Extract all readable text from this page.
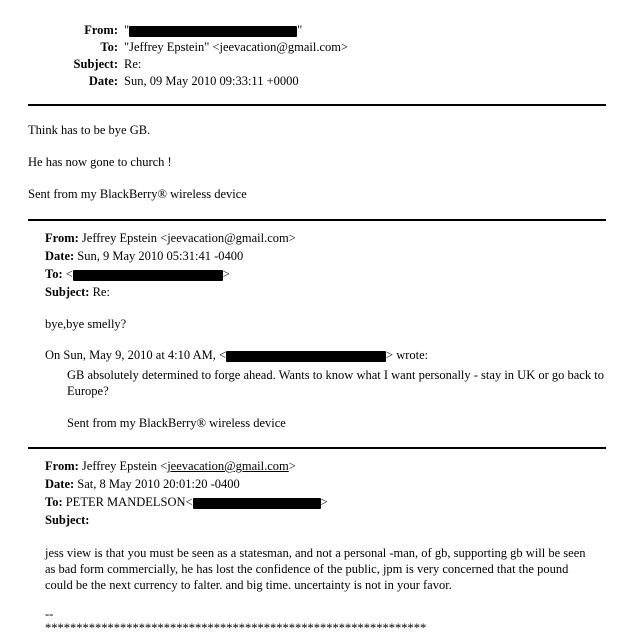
From: "	"
To: "Jeffrey Epstein" <jeevacation@gmail.com>
Subject: Re:
Date: Sun, 09 May 2010 09:33:11 +0000
Think has to be bye GB.
He has now gone to church !
Sent from my BlackBerry® wireless device
From: Jeffrey Epstein <jeevacation@gmail.com>
Date: Sun, 9 May 2010 05:31:41 -0400
To: <	>
Subject: Re:
bye,bye smelly?
On Sun, May 9, 2010 at 4:10 AM, <	> wrote:
GB absolutely determined to forge ahead. Wants to know what I want personally - stay in UK or go back to Europe?
Sent from my BlackBerry® wireless device
From: Jeffrey Epstein <jeevacation@gmail.com>
Date: Sat, 8 May 2010 20:01:20 -0400
To: PETER MANDELSON<	>
Subject:
jess view is that you must be seen as a statesman, and not a personal -man, of gb, supporting gb will be seen
as bad form commercially, he has lost the confidence of the public, jpm is very concerned that the pound
could be the next currency to falter. and big time. uncertainty is not in your favor.
--
*************************************************************
